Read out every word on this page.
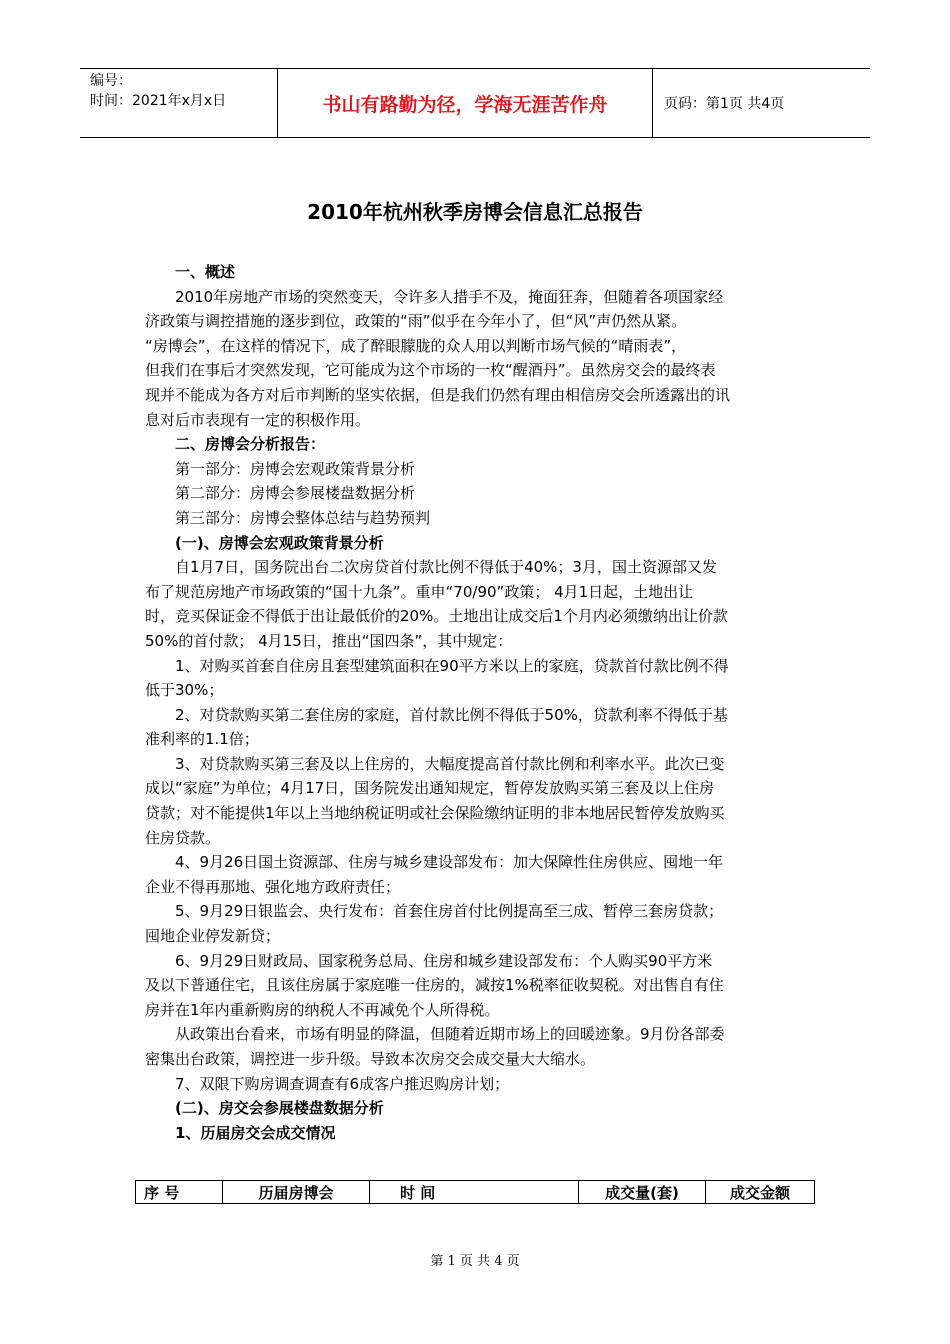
编号：
时间：2021年x月x日	书山有路勤为径，学海无涯苦作舟	页码：第1页 共4页
2010年杭州秋季房博会信息汇总报告
一、概述
2010年房地产市场的突然变天，令许多人措手不及，掩面狂奔，但随着各项国家经
济政策与调控措施的逐步到位，政策的“雨”似乎在今年小了，但“风”声仍然从紧。
“房博会”，在这样的情况下，成了醉眼朦胧的众人用以判断市场气候的“晴雨表”，
但我们在事后才突然发现，它可能成为这个市场的一枚“醒酒丹”。虽然房交会的最终表
现并不能成为各方对后市判断的坚实依据，但是我们仍然有理由相信房交会所透露出的讯
息对后市表现有一定的积极作用。
二、房博会分析报告：
第一部分：房博会宏观政策背景分析
第二部分：房博会参展楼盘数据分析
第三部分：房博会整体总结与趋势预判
(一)、房博会宏观政策背景分析
自1月7日，国务院出台二次房贷首付款比例不得低于40%；3月，国土资源部又发
布了规范房地产市场政策的“国十九条”。重申“70/90”政策； 4月1日起，土地出让
时，竞买保证金不得低于出让最低价的20%。土地出让成交后1个月内必须缴纳出让价款
50%的首付款； 4月15日，推出“国四条”，其中规定：
1、对购买首套自住房且套型建筑面积在90平方米以上的家庭，贷款首付款比例不得
低于30%；
2、对贷款购买第二套住房的家庭，首付款比例不得低于50%，贷款利率不得低于基
准利率的1.1倍；
3、对贷款购买第三套及以上住房的，大幅度提高首付款比例和利率水平。此次已变
成以“家庭”为单位；4月17日，国务院发出通知规定，暂停发放购买第三套及以上住房
贷款；对不能提供1年以上当地纳税证明或社会保险缴纳证明的非本地居民暂停发放购买
住房贷款。
4、9月26日国土资源部、住房与城乡建设部发布：加大保障性住房供应、囤地一年
企业不得再那地、强化地方政府责任；
5、9月29日银监会、央行发布：首套住房首付比例提高至三成、暂停三套房贷款；
囤地企业停发新贷；
6、9月29日财政局、国家税务总局、住房和城乡建设部发布：个人购买90平方米
及以下普通住宅，且该住房属于家庭唯一住房的，减按1%税率征收契税。对出售自有住
房并在1年内重新购房的纳税人不再减免个人所得税。
从政策出台看来，市场有明显的降温，但随着近期市场上的回暖迹象。9月份各部委
密集出台政策，调控进一步升级。导致本次房交会成交量大大缩水。
7、双限下购房调查调查有6成客户推迟购房计划；
(二)、房交会参展楼盘数据分析
1、历届房交会成交情况
序 号	历届房博会	时 间	成交量(套)	成交金额
第 1 页 共 4 页
